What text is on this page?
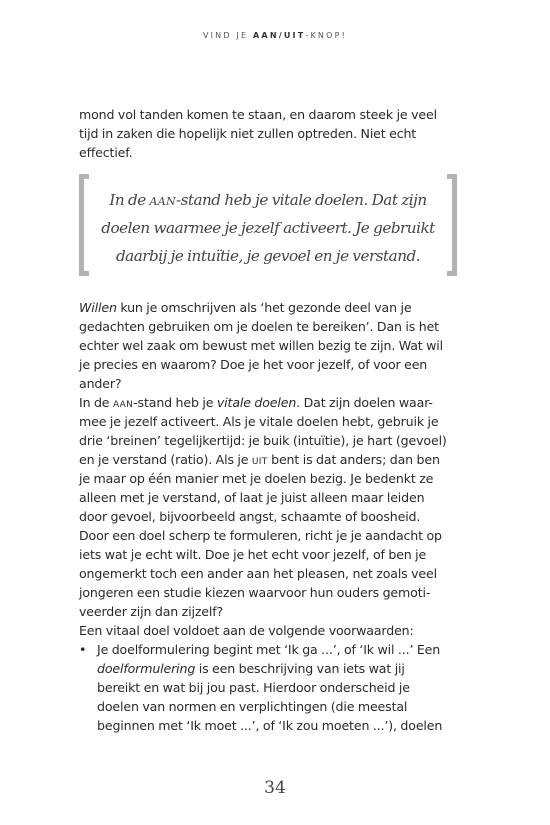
VIND JE AAN/UIT-KNOP!
mond vol tanden komen te staan, en daarom steek je veel
tijd in zaken die hopelijk niet zullen optreden. Niet echt
effectief.
In de aan-stand heb je vitale doelen. Dat zijn
doelen waarmee je jezelf activeert. Je gebruikt
daarbij je intuïtie, je gevoel en je verstand.
Willen kun je omschrijven als ‘het gezonde deel van je
gedachten gebruiken om je doelen te bereiken’. Dan is het
echter wel zaak om bewust met willen bezig te zijn. Wat wil
je precies en waarom? Doe je het voor jezelf, of voor een
ander?
In de aan-stand heb je vitale doelen. Dat zijn doelen waar-
mee je jezelf activeert. Als je vitale doelen hebt, gebruik je
drie ‘breinen’ tegelijkertijd: je buik (intuïtie), je hart (gevoel)
en je verstand (ratio). Als je uit bent is dat anders; dan ben
je maar op één manier met je doelen bezig. Je bedenkt ze
alleen met je verstand, of laat je juist alleen maar leiden
door gevoel, bijvoorbeeld angst, schaamte of boosheid.
Door een doel scherp te formuleren, richt je je aandacht op
iets wat je echt wilt. Doe je het echt voor jezelf, of ben je
ongemerkt toch een ander aan het pleasen, net zoals veel
jongeren een studie kiezen waarvoor hun ouders gemoti-
veerder zijn dan zijzelf?
Een vitaal doel voldoet aan de volgende voorwaarden:
• Je doelformulering begint met ‘Ik ga ...’, of ‘Ik wil ...’ Een
doelformulering is een beschrijving van iets wat jij
bereikt en wat bij jou past. Hierdoor onderscheid je
doelen van normen en verplichtingen (die meestal
beginnen met ‘Ik moet ...’, of ‘Ik zou moeten ...’), doelen
34
